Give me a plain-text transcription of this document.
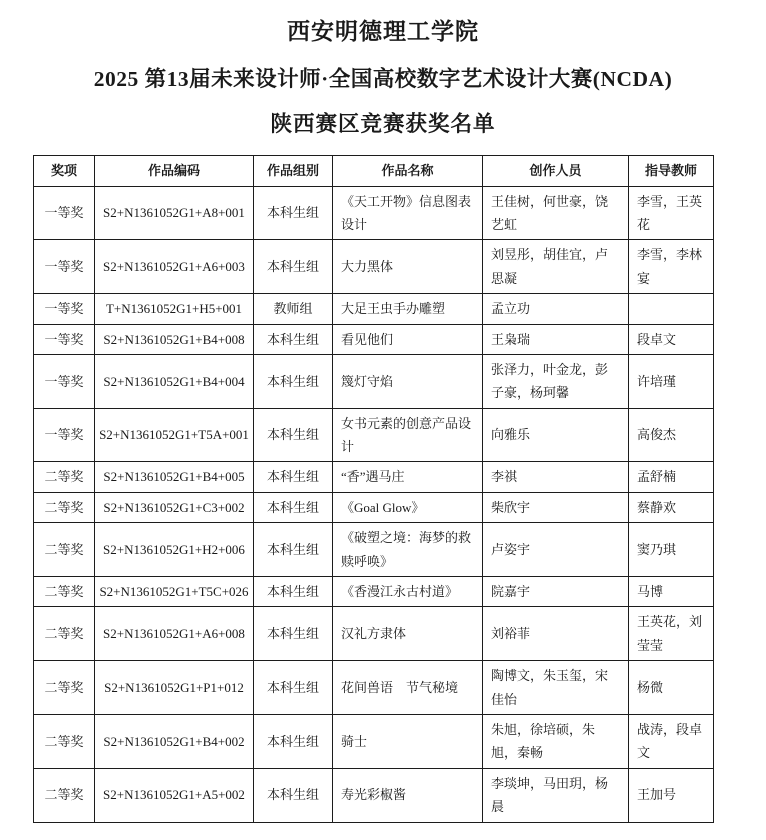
西安明德理工学院
2025 第13届未来设计师·全国高校数字艺术设计大赛(NCDA)
陕西赛区竞赛获奖名单
奖项	作品编码	作品组别	作品名称	创作人员	指导教师
一等奖	S2+N1361052G1+A8+001	本科生组	《天工开物》信息图表设计	王佳树，何世豪，饶艺虹	李雪，王英花
一等奖	S2+N1361052G1+A6+003	本科生组	大力黑体	刘昱彤，胡佳宜，卢思凝	李雪，李林宴
一等奖	T+N1361052G1+H5+001	教师组	大足王虫手办雕塑	孟立功	
一等奖	S2+N1361052G1+B4+008	本科生组	看见他们	王枭瑞	段卓文
一等奖	S2+N1361052G1+B4+004	本科生组	篾灯守焰	张泽力，叶金龙，彭子豪，杨珂馨	许培瑾
一等奖	S2+N1361052G1+T5A+001	本科生组	女书元素的创意产品设计	向雅乐	高俊杰
二等奖	S2+N1361052G1+B4+005	本科生组	“香”遇马庄	李祺	孟舒楠
二等奖	S2+N1361052G1+C3+002	本科生组	《Goal Glow》	柴欣宇	蔡静欢
二等奖	S2+N1361052G1+H2+006	本科生组	《破塑之境：海梦的救赎呼唤》	卢姿宇	窦乃琪
二等奖	S2+N1361052G1+T5C+026	本科生组	《香漫江永古村道》	院嘉宇	马博
二等奖	S2+N1361052G1+A6+008	本科生组	汉礼方隶体	刘裕菲	王英花，刘莹莹
二等奖	S2+N1361052G1+P1+012	本科生组	花间兽语　节气秘境	陶博文，朱玉玺，宋佳怡	杨微
二等奖	S2+N1361052G1+B4+002	本科生组	骑士	朱旭，徐培硕，朱旭，秦畅	战涛，段卓文
二等奖	S2+N1361052G1+A5+002	本科生组	寿光彩椒酱	李琰坤，马田玥，杨晨	王加号
